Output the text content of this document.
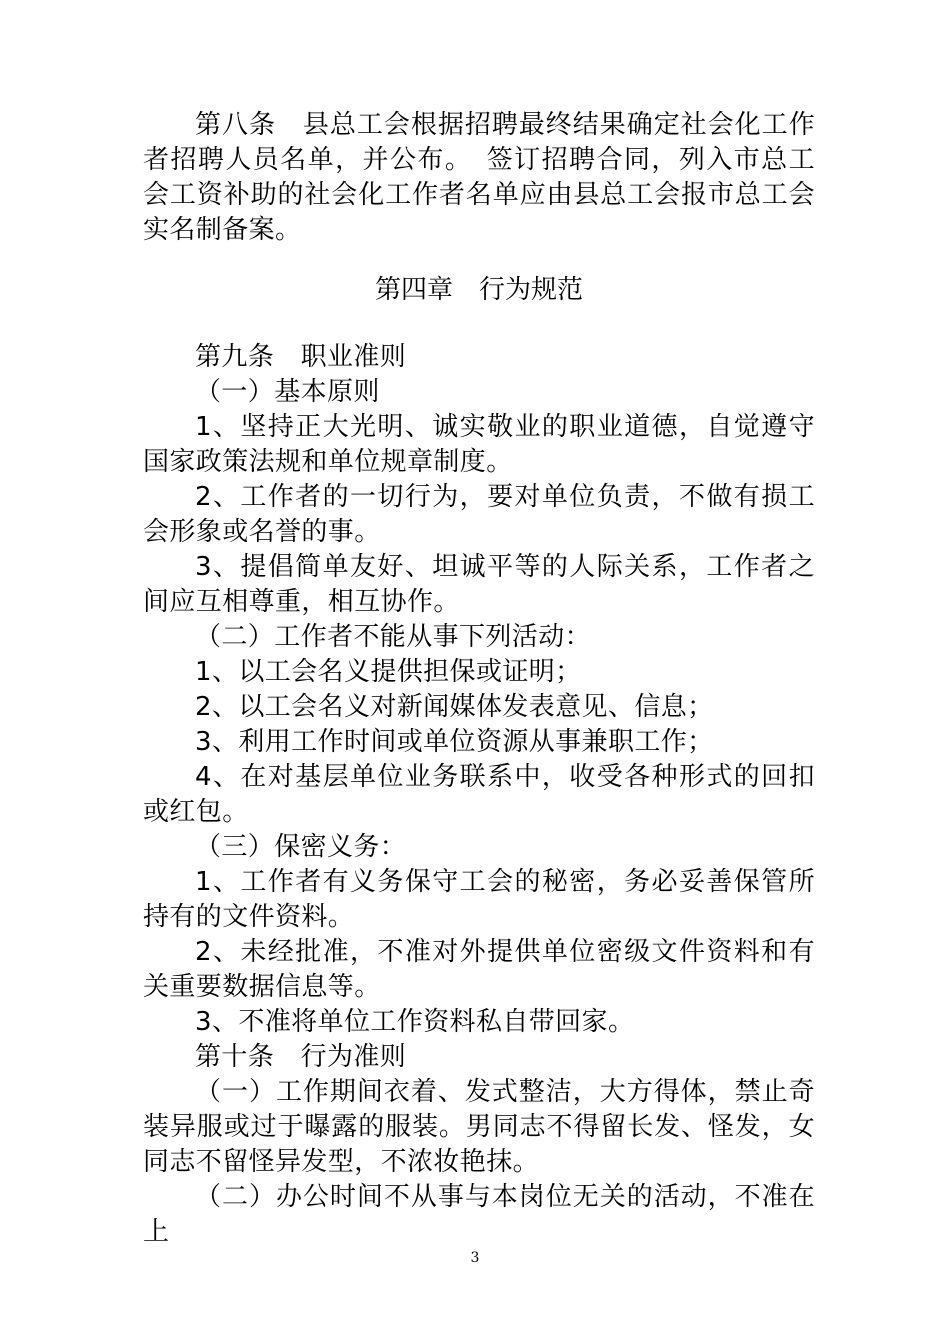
第八条　县总工会根据招聘最终结果确定社会化工作者招聘人员名单，并公布。　签订招聘合同，列入市总工会工资补助的社会化工作者名单应由县总工会报市总工会实名制备案。

第四章　行为规范

第九条　职业准则

（一）基本原则

1、坚持正大光明、诚实敬业的职业道德，自觉遵守国家政策法规和单位规章制度。

2、工作者的一切行为，要对单位负责，不做有损工会形象或名誉的事。

3、提倡简单友好、坦诚平等的人际关系，工作者之间应互相尊重，相互协作。

（二）工作者不能从事下列活动：

1、以工会名义提供担保或证明；

2、以工会名义对新闻媒体发表意见、信息；

3、利用工作时间或单位资源从事兼职工作；

4、在对基层单位业务联系中，收受各种形式的回扣或红包。

（三）保密义务：

1、工作者有义务保守工会的秘密，务必妥善保管所持有的文件资料。

2、未经批准，不准对外提供单位密级文件资料和有关重要数据信息等。

3、不准将单位工作资料私自带回家。

第十条　行为准则

（一）工作期间衣着、发式整洁，大方得体，禁止奇装异服或过于曝露的服装。男同志不得留长发、怪发，女同志不留怪异发型，不浓妆艳抹。

（二）办公时间不从事与本岗位无关的活动，不准在上

3
